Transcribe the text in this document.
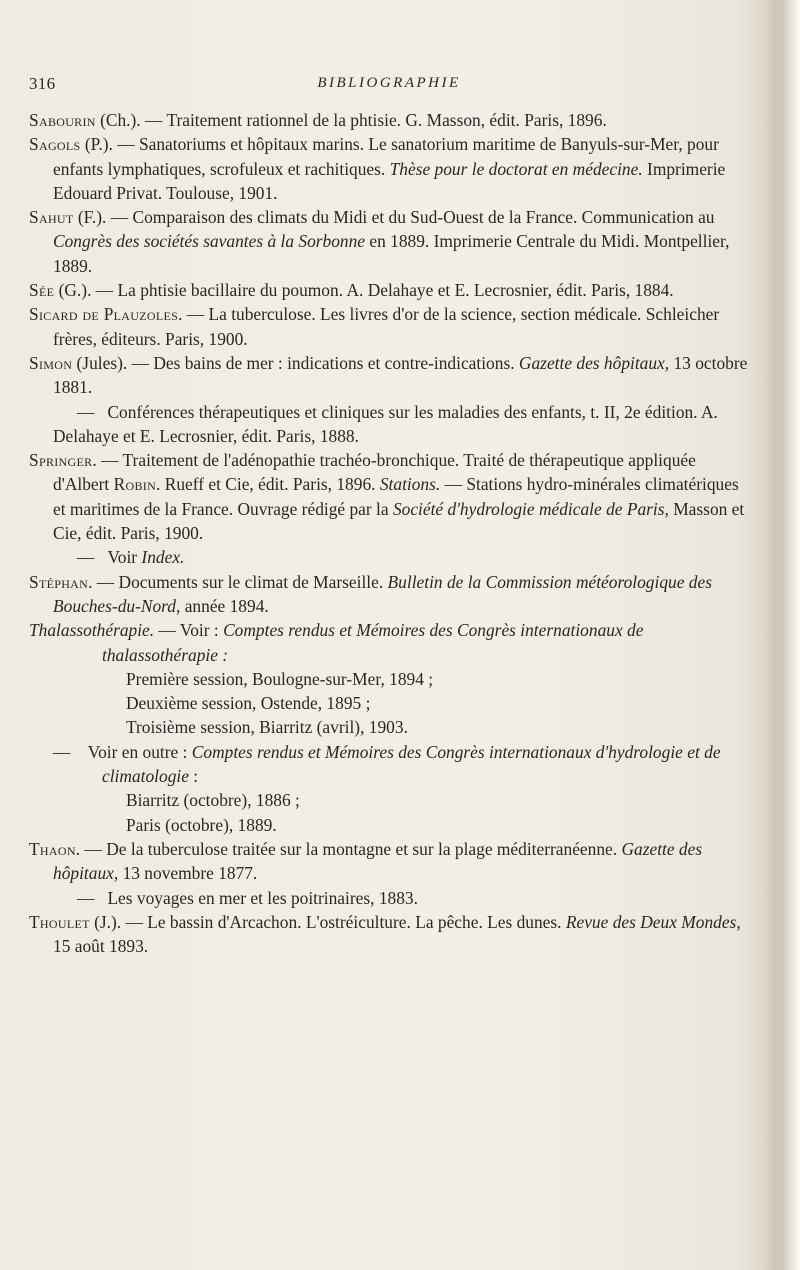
316	BIBLIOGRAPHIE

Sabourin (Ch.). — Traitement rationnel de la phtisie. G. Masson, édit. Paris, 1896.

Sagols (P.). — Sanatoriums et hôpitaux marins. Le sanatorium maritime de Banyuls-sur-Mer, pour enfants lymphatiques, scrofuleux et rachitiques. Thèse pour le doctorat en médecine. Imprimerie Edouard Privat. Toulouse, 1901.

Sahut (F.). — Comparaison des climats du Midi et du Sud-Ouest de la France. Communication au Congrès des sociétés savantes à la Sorbonne en 1889. Imprimerie Centrale du Midi. Montpellier, 1889.

Sée (G.). — La phtisie bacillaire du poumon. A. Delahaye et E. Lecrosnier, édit. Paris, 1884.

Sicard de Plauzoles. — La tuberculose. Les livres d'or de la science, section médicale. Schleicher frères, éditeurs. Paris, 1900.

Simon (Jules). — Des bains de mer : indications et contre-indications. Gazette des hôpitaux, 13 octobre 1881.

— Conférences thérapeutiques et cliniques sur les maladies des enfants, t. II, 2e édition. A. Delahaye et E. Lecrosnier, édit. Paris, 1888.

Springer. — Traitement de l'adénopathie trachéo-bronchique. Traité de thérapeutique appliquée d'Albert Robin. Rueff et Cie, édit. Paris, 1896. Stations. — Stations hydro-minérales climatériques et maritimes de la France. Ouvrage rédigé par la Société d'hydrologie médicale de Paris, Masson et Cie, édit. Paris, 1900.

— Voir Index.

Stéphan. — Documents sur le climat de Marseille. Bulletin de la Commission météorologique des Bouches-du-Nord, année 1894.

Thalassothérapie. — Voir : Comptes rendus et Mémoires des Congrès internationaux de thalassothérapie :

Première session, Boulogne-sur-Mer, 1894 ;

Deuxième session, Ostende, 1895 ;

Troisième session, Biarritz (avril), 1903.

— Voir en outre : Comptes rendus et Mémoires des Congrès internationaux d'hydrologie et de climatologie :

Biarritz (octobre), 1886 ;

Paris (octobre), 1889.

Thaon. — De la tuberculose traitée sur la montagne et sur la plage méditerranéenne. Gazette des hôpitaux, 13 novembre 1877.

— Les voyages en mer et les poitrinaires, 1883.

Thoulet (J.). — Le bassin d'Arcachon. L'ostréiculture. La pêche. Les dunes. Revue des Deux Mondes, 15 août 1893.
